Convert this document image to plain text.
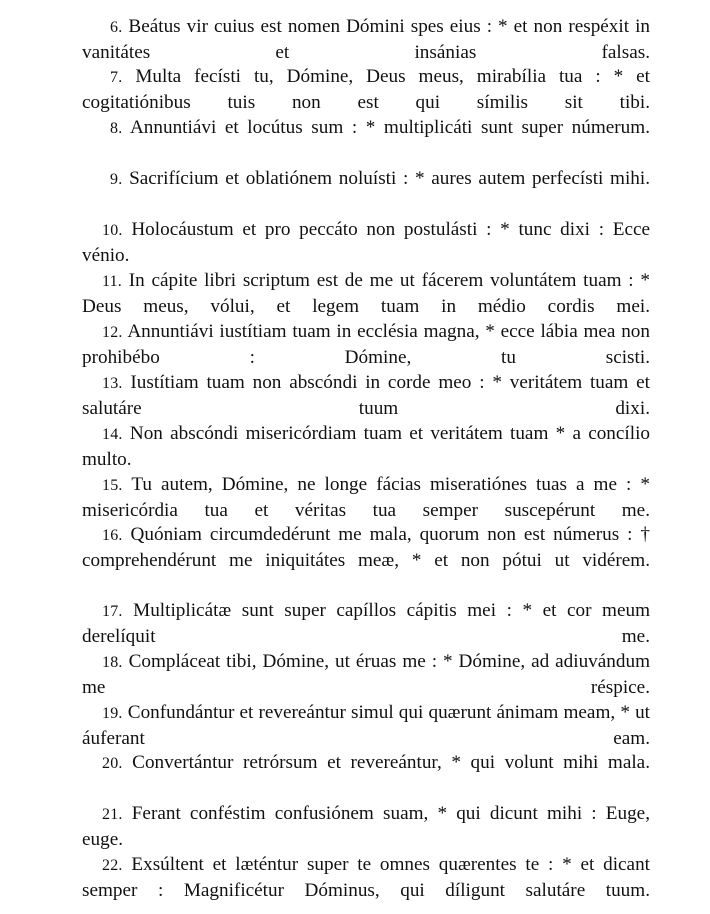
6. Beátus vir cuius est nomen Dómini spes eius : * et non respéxit in vanitátes et insánias falsas.
7. Multa fecísti tu, Dómine, Deus meus, mirabília tua : * et cogitatiónibus tuis non est qui símilis sit tibi.
8. Annuntiávi et locútus sum : * multiplicáti sunt super númerum.
9. Sacrifícium et oblatiónem noluísti : * aures autem perfecísti mihi.
10. Holocáustum et pro peccáto non postulásti : * tunc dixi : Ecce vénio.
11. In cápite libri scriptum est de me ut fácerem voluntátem tuam : * Deus meus, vólui, et legem tuam in médio cordis mei.
12. Annuntiávi iustítiam tuam in ecclésia magna, * ecce lábia mea non prohibébo : Dómine, tu scisti.
13. Iustítiam tuam non abscóndi in corde meo : * veritátem tuam et salutáre tuum dixi.
14. Non abscóndi misericórdiam tuam et veritátem tuam * a concílio multo.
15. Tu autem, Dómine, ne longe fácias miseratiónes tuas a me : * misericórdia tua et véritas tua semper suscepérunt me.
16. Quóniam circumdedérunt me mala, quorum non est númerus : † comprehendérunt me iniquitátes meæ, * et non pótui ut vidérem.
17. Multiplicátæ sunt super capíllos cápitis mei : * et cor meum derelíquit me.
18. Compláceat tibi, Dómine, ut éruas me : * Dómine, ad adiuvándum me réspice.
19. Confundántur et revereántur simul qui quærunt ánimam meam, * ut áuferant eam.
20. Convertántur retrórsum et revereántur, * qui volunt mihi mala.
21. Ferant conféstim confusiónem suam, * qui dicunt mihi : Euge, euge.
22. Exsúltent et læténtur super te omnes quærentes te : * et dicant semper : Magnificétur Dóminus, qui díligunt salutáre tuum.
